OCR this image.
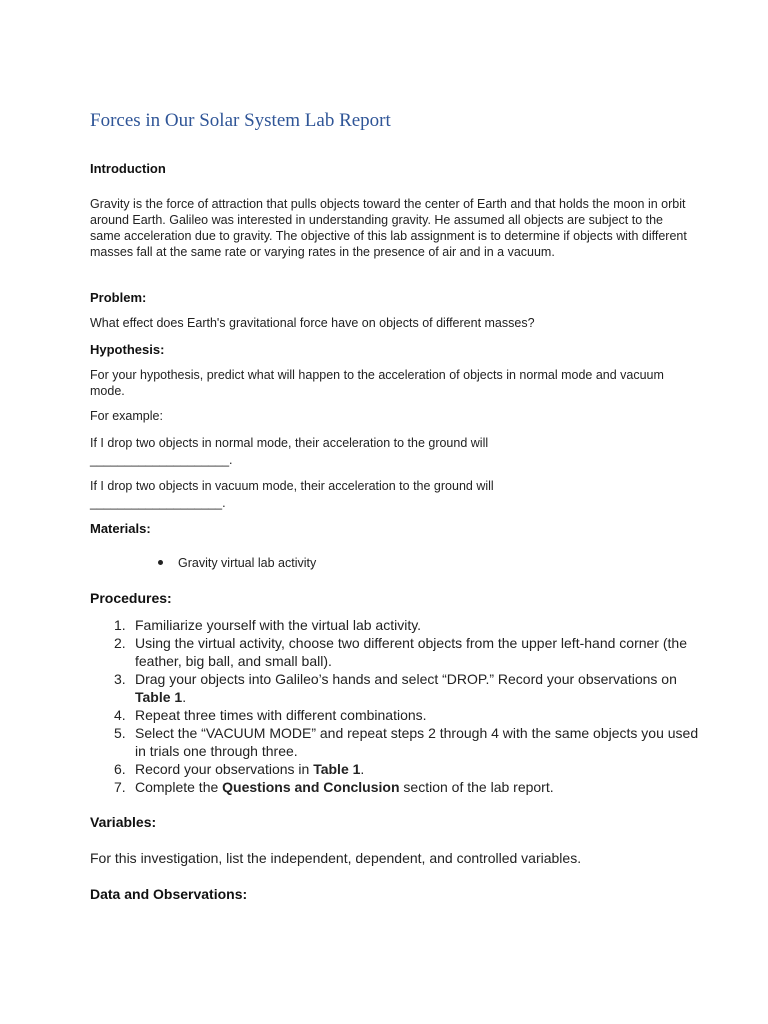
Forces in Our Solar System Lab Report
Introduction
Gravity is the force of attraction that pulls objects toward the center of Earth and that holds the moon in orbit around Earth. Galileo was interested in understanding gravity. He assumed all objects are subject to the same acceleration due to gravity. The objective of this lab assignment is to determine if objects with different masses fall at the same rate or varying rates in the presence of air and in a vacuum.
Problem:
What effect does Earth's gravitational force have on objects of different masses?
Hypothesis:
For your hypothesis, predict what will happen to the acceleration of objects in normal mode and vacuum mode.
For example:
If I drop two objects in normal mode, their acceleration to the ground will
____________________.
If I drop two objects in vacuum mode, their acceleration to the ground will
___________________.
Materials:
Gravity virtual lab activity
Procedures:
1. Familiarize yourself with the virtual lab activity.
2. Using the virtual activity, choose two different objects from the upper left-hand corner (the feather, big ball, and small ball).
3. Drag your objects into Galileo’s hands and select “DROP.” Record your observations on Table 1.
4. Repeat three times with different combinations.
5. Select the “VACUUM MODE” and repeat steps 2 through 4 with the same objects you used in trials one through three.
6. Record your observations in Table 1.
7. Complete the Questions and Conclusion section of the lab report.
Variables:
For this investigation, list the independent, dependent, and controlled variables.
Data and Observations:
